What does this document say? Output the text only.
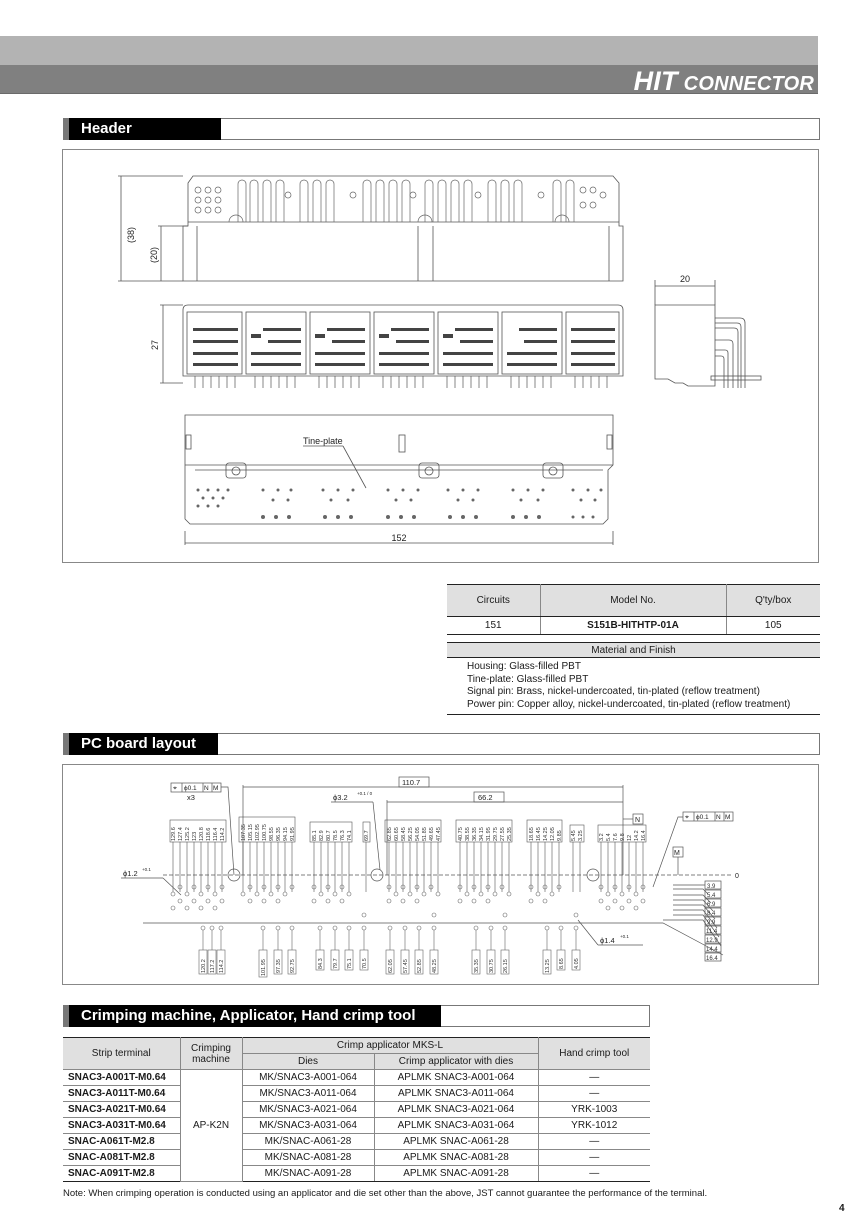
HIT CONNECTOR
Header
(38)
(20)
27
20
Tine-plate
152
Circuits	Model No.	Q'ty/box
151	S151B-HITHTP-01A	105
Material and Finish
Housing: Glass-filled PBT
Tine-plate: Glass-filled PBT
Signal pin: Brass, nickel-undercoated, tin-plated (reflow treatment)
Power pin: Copper alloy, nickel-undercoated, tin-plated (reflow treatment)
PC board layout
129.6 127.4 125.2 123 120.8 118.6 116.4 114.2	107.35 105.15 102.95 100.75 98.55 96.35 94.15 91.95	85.1 82.9 80.7 78.5 76.3 74.1 69.7	62.85 60.65 58.45 56.25 54.05 51.85 49.65 47.45	40.75 38.55 36.35 34.15 31.95 29.75 27.55 25.35	18.65 16.45 14.25 12.05 9.85 5.45 3.25	3.2 5.4 7.6 9.8 12 14.2 16.4
120.2 117.2 114.2	101.95 97.35 92.75	84.3 79.7 75.1 70.5	62.05 57.45 52.85 48.25	35.35 30.75 26.15	13.25 8.65 4.05
3.9
5.4
6.9
8.4
9.9
11.4
12.9
14.4
16.4
⌖ ϕ0.1 N M
x3
⌖ ϕ0.1 N M
110.7
66.2
ϕ3.2 +0.1 / 0
ϕ1.2 +0.1
ϕ1.4 +0.1
N
M
0
Crimping machine, Applicator, Hand crimp tool
Strip terminal	Crimping machine	Crimp applicator MKS-L		Hand crimp tool
		Dies	Crimp applicator with dies	
SNAC3-A001T-M0.64	AP-K2N	MK/SNAC3-A001-064	APLMK SNAC3-A001-064	—
SNAC3-A011T-M0.64		MK/SNAC3-A011-064	APLMK SNAC3-A011-064	—
SNAC3-A021T-M0.64		MK/SNAC3-A021-064	APLMK SNAC3-A021-064	YRK-1003
SNAC3-A031T-M0.64		MK/SNAC3-A031-064	APLMK SNAC3-A031-064	YRK-1012
SNAC-A061T-M2.8		MK/SNAC-A061-28	APLMK SNAC-A061-28	—
SNAC-A081T-M2.8		MK/SNAC-A081-28	APLMK SNAC-A081-28	—
SNAC-A091T-M2.8		MK/SNAC-A091-28	APLMK SNAC-A091-28	—
Note: When crimping operation is conducted using an applicator and die set other than the above, JST cannot guarantee the performance of the terminal.
4
